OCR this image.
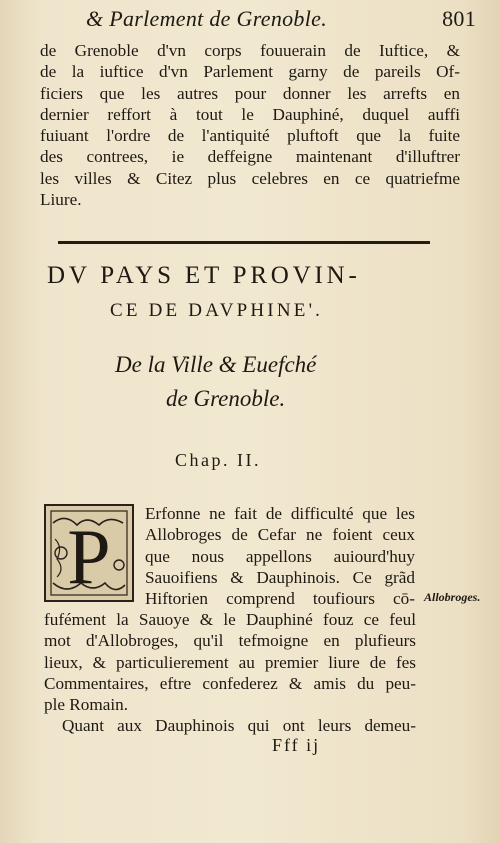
& Parlement de Grenoble.	801
de Grenoble d'vn corps fouuerain de Iuftice, &
de la iuftice d'vn Parlement garny de pareils Of-
ficiers que les autres pour donner les arrefts en
dernier reffort à tout le Dauphiné, duquel auffi
fuiuant l'ordre de l'antiquité pluftoft que la fuite
des contrees, ie deffeigne maintenant d'illuftrer
les villes & Citez plus celebres en ce quatriefme
Liure.
DV PAYS ET PROVIN-
CE DE DAVPHINE'.
De la Ville & Euefché
de Grenoble.
Chap. II.
P Erfonne ne fait de difficulté que les
Allobroges de Cefar ne foient ceux
que nous appellons auiourd'huy
Sauoifiens & Dauphinois. Ce grãd
Hiftorien comprend toufiours cō-
fufément la Sauoye & le Dauphiné fouz ce feul
mot d'Allobroges, qu'il tefmoigne en plufieurs
lieux, & particulierement au premier liure de fes
Commentaires, eftre confederez & amis du peu-
ple Romain.
Quant aux Dauphinois qui ont leurs demeu-
Allobroges.
Fff ij
